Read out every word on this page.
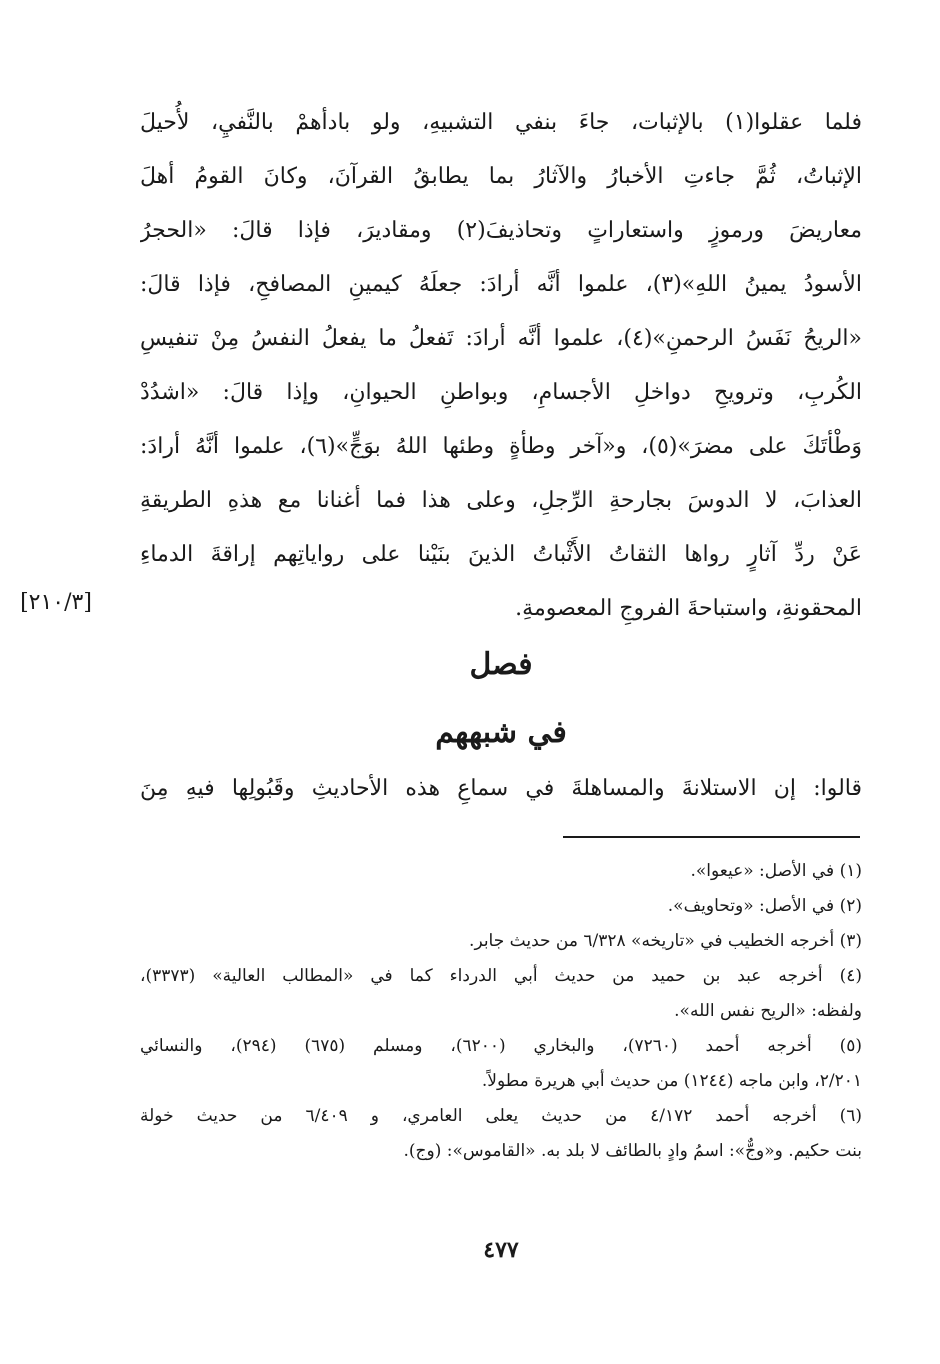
فلما عقلوا(١) بالإثبات، جاءَ بنفي التشبيهِ، ولو بادأهمْ بالنَّفيِ، لأُحيلَ
الإثباتُ، ثُمَّ جاءتِ الأخبارُ والآثارُ بما يطابقُ القرآنَ، وكانَ القومُ أهلَ
معاريضَ ورموزٍ واستعاراتٍ وتحاذيفَ(٢) ومقاديرَ، فإذا قالَ: «الحجرُ
الأسودُ يمينُ اللهِ»(٣)، علموا أنَّه أرادَ: جعلَهُ كيمينِ المصافحِ، فإذا قالَ:
«الريحُ نَفَسُ الرحمنِ»(٤)، علموا أنَّه أرادَ: تَفعلُ ما يفعلُ النفسُ مِنْ تنفيسِ
الكُربِ، وترويحِ دواخلِ الأجسامِ، وبواطنِ الحيوانِ، وإذا قالَ: «اشدُدْ
وَطْأتَكَ على مضرَ»(٥)، و«آخر وطأةٍ وطئها اللهُ بوَجٍّ»(٦)، علموا أنَّهُ أرادَ:
العذابَ، لا الدوسَ بجارحةِ الرِّجلِ، وعلى هذا فما أغنانا مع هذهِ الطريقةِ
عَنْ ردِّ آثارٍ رواها الثقاتُ الأَثْباتُ الذينَ بنَيْنا على رواياتِهم إراقةَ الدماءِ
المحقونةِ، واستباحةَ الفروجِ المعصومةِ.
[٢١٠/٣]
فصل
في شبههم
قالوا: إن الاستلانةَ والمساهلةَ في سماعِ هذه الأحاديثِ وقَبُولِها فيهِ مِنَ
(١) في الأصل: «عيعوا».
(٢) في الأصل: «وتحاويف».
(٣) أخرجه الخطيب في «تاريخه» ٦/٣٢٨ من حديث جابر.
(٤) أخرجه عبد بن حميد من حديث أبي الدرداء كما في «المطالب العالية» (٣٣٧٣)،
ولفظه: «الريح نفس الله».
(٥) أخرجه أحمد (٧٢٦٠)، والبخاري (٦٢٠٠)، ومسلم (٦٧٥) (٢٩٤)، والنسائي
٢/٢٠١، وابن ماجه (١٢٤٤) من حديث أبي هريرة مطولاً.
(٦) أخرجه أحمد ٤/١٧٢ من حديث يعلى العامري، و ٦/٤٠٩ من حديث خولة
بنت حكيم. و«وجٌّ»: اسمُ وادٍ بالطائف لا بلد به. «القاموس»: (وج).
٤٧٧
